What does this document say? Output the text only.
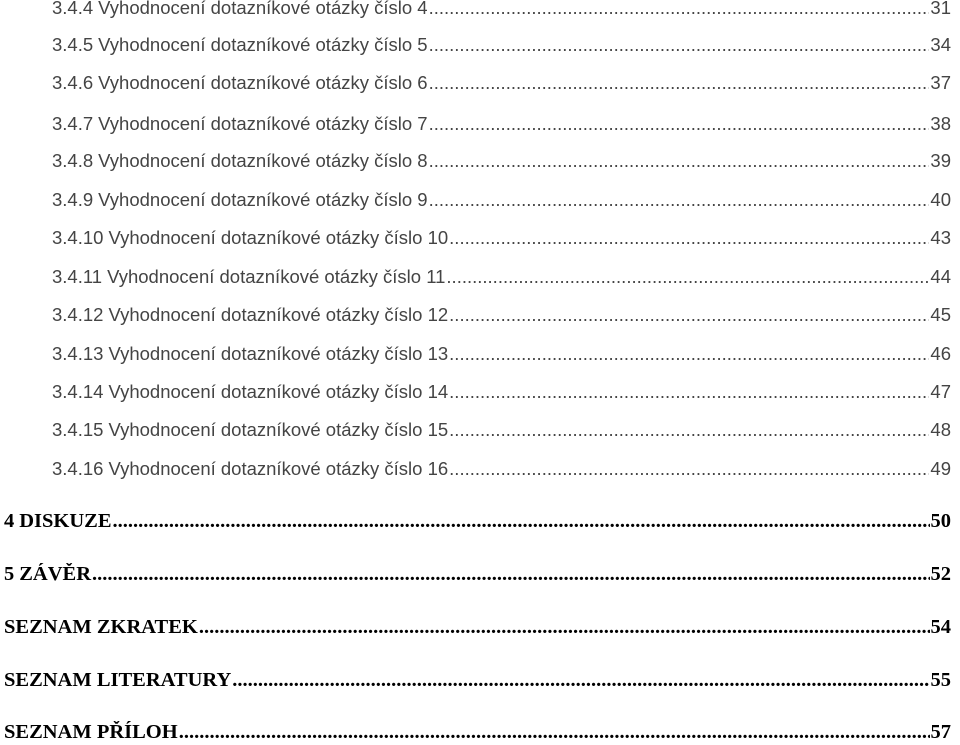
3.4.4 Vyhodnocení dotazníkové otázky číslo 4 .....	31
3.4.5 Vyhodnocení dotazníkové otázky číslo 5 .....	34
3.4.6 Vyhodnocení dotazníkové otázky číslo 6 .....	37
3.4.7 Vyhodnocení dotazníkové otázky číslo 7 .....	38
3.4.8 Vyhodnocení dotazníkové otázky číslo 8 .....	39
3.4.9 Vyhodnocení dotazníkové otázky číslo 9 .....	40
3.4.10 Vyhodnocení dotazníkové otázky číslo 10 .....	43
3.4.11 Vyhodnocení dotazníkové otázky číslo 11 .....	44
3.4.12 Vyhodnocení dotazníkové otázky číslo 12 .....	45
3.4.13 Vyhodnocení dotazníkové otázky číslo 13 .....	46
3.4.14 Vyhodnocení dotazníkové otázky číslo 14 .....	47
3.4.15 Vyhodnocení dotazníkové otázky číslo 15 .....	48
3.4.16 Vyhodnocení dotazníkové otázky číslo 16 .....	49
4 DISKUZE .....	50
5 ZÁVĚR .....	52
SEZNAM ZKRATEK .....	54
SEZNAM LITERATURY .....	55
SEZNAM PŘÍLOH .....	57
